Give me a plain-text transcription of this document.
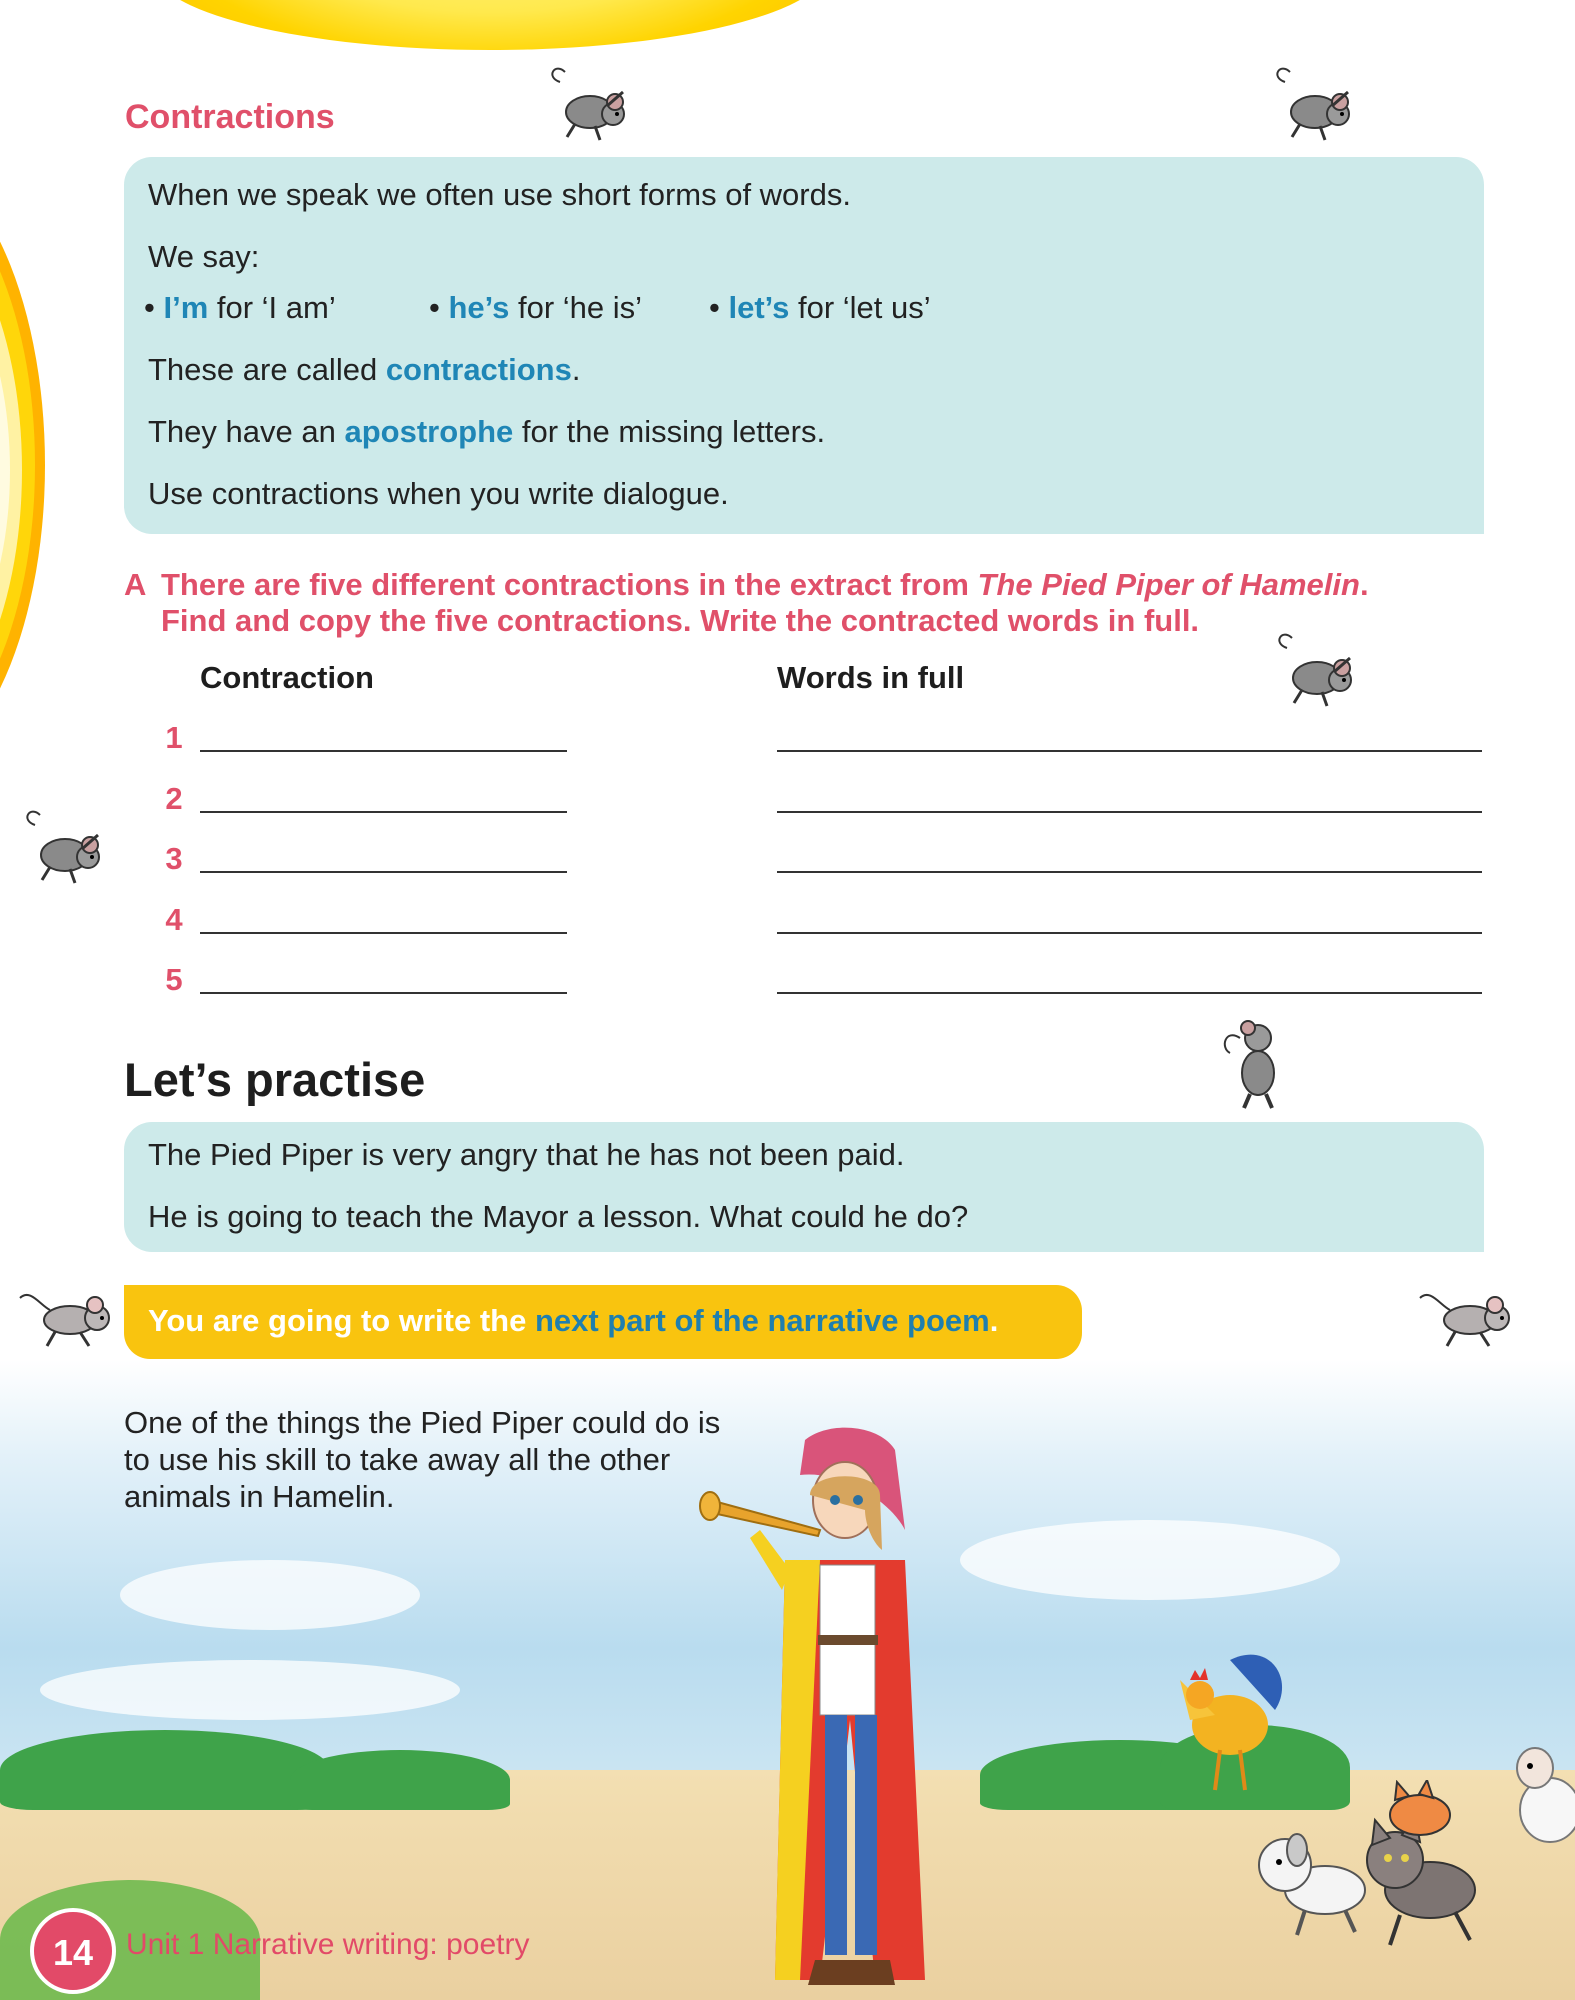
Contractions
When we speak we often use short forms of words.
We say:
• I’m for ‘I am’	• he’s for ‘he is’ • let’s for ‘let us’
These are called contractions.
They have an apostrophe for the missing letters.
Use contractions when you write dialogue.
A There are five different contractions in the extract from The Pied Piper of Hamelin. Find and copy the five contractions. Write the contracted words in full.
Contraction	Words in full
1
2
3
4
5
Let’s practise
The Pied Piper is very angry that he has not been paid.
He is going to teach the Mayor a lesson. What could he do?
You are going to write the next part of the narrative poem.
One of the things the Pied Piper could do is to use his skill to take away all the other animals in Hamelin.
14	Unit 1 Narrative writing: poetry
